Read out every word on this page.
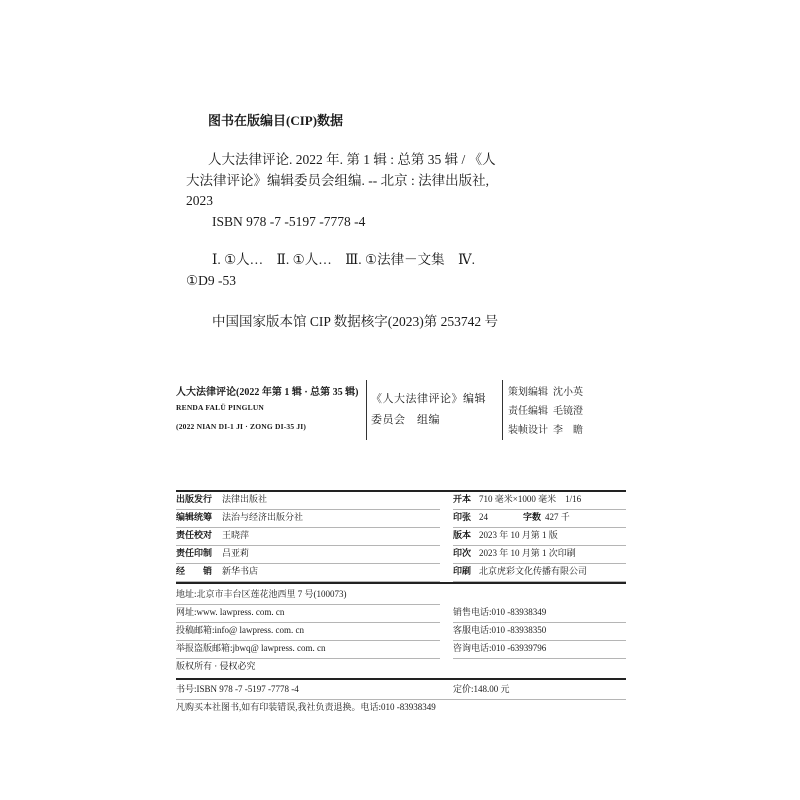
图书在版编目(CIP)数据
人大法律评论. 2022 年. 第 1 辑 : 总第 35 辑 / 《人
大法律评论》编辑委员会组编. -- 北京 : 法律出版社,
2023
ISBN 978 -7 -5197 -7778 -4
Ⅰ. ①人…　Ⅱ. ①人…　Ⅲ. ①法律－文集　Ⅳ.
①D9 -53
中国国家版本馆 CIP 数据核字(2023)第 253742 号
人大法律评论(2022 年第 1 辑 · 总第 35 辑)
RENDA FALÜ PINGLUN
(2022 NIAN DI-1 JI · ZONG DI-35 JI)
《人大法律评论》编辑
委员会　组编
策划编辑 沈小英
责任编辑 毛镜澄
装帧设计 李　瞻
出版发行 法律出版社
编辑统筹 法治与经济出版分社
责任校对 王晓萍
责任印制 吕亚莉
经　　销 新华书店
开本 710 毫米×1000 毫米　1/16
印张 24	字数 427 千
版本 2023 年 10 月第 1 版
印次 2023 年 10 月第 1 次印刷
印刷 北京虎彩文化传播有限公司
地址:北京市丰台区莲花池西里 7 号(100073)
网址:www. lawpress. com. cn
投稿邮箱:info@ lawpress. com. cn
举报盗版邮箱:jbwq@ lawpress. com. cn
版权所有 · 侵权必究
销售电话:010 -83938349
客服电话:010 -83938350
咨询电话:010 -63939796
书号:ISBN 978 -7 -5197 -7778 -4	定价:148.00 元
凡购买本社图书,如有印装错误,我社负责退换。电话:010 -83938349
